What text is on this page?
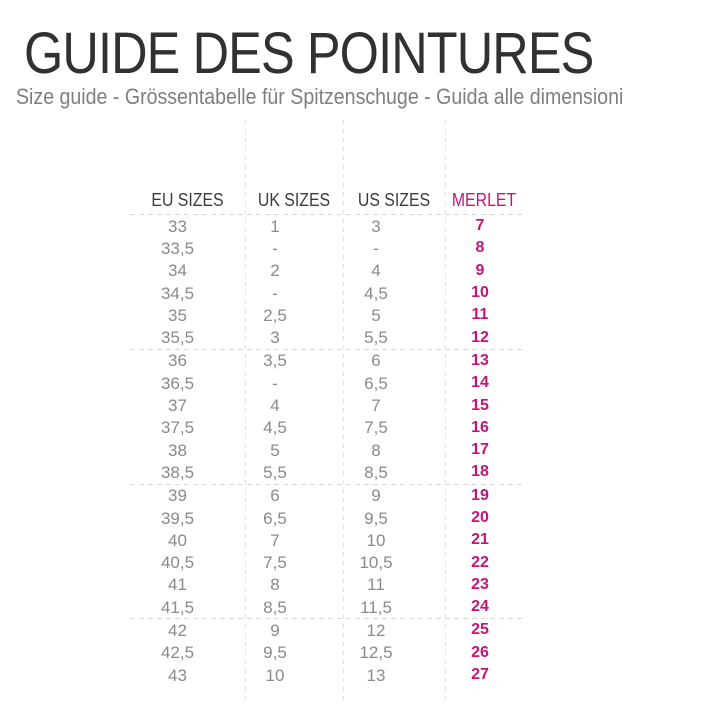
GUIDE DES POINTURES
Size guide - Grössentabelle für Spitzenschuge - Guida alle dimensioni
EU SIZES	UK SIZES	US SIZES	MERLET
33	1	3	7
33,5	-	-	8
34	2	4	9
34,5	-	4,5	10
35	2,5	5	11
35,5	3	5,5	12
36	3,5	6	13
36,5	-	6,5	14
37	4	7	15
37,5	4,5	7,5	16
38	5	8	17
38,5	5,5	8,5	18
39	6	9	19
39,5	6,5	9,5	20
40	7	10	21
40,5	7,5	10,5	22
41	8	11	23
41,5	8,5	11,5	24
42	9	12	25
42,5	9,5	12,5	26
43	10	13	27
